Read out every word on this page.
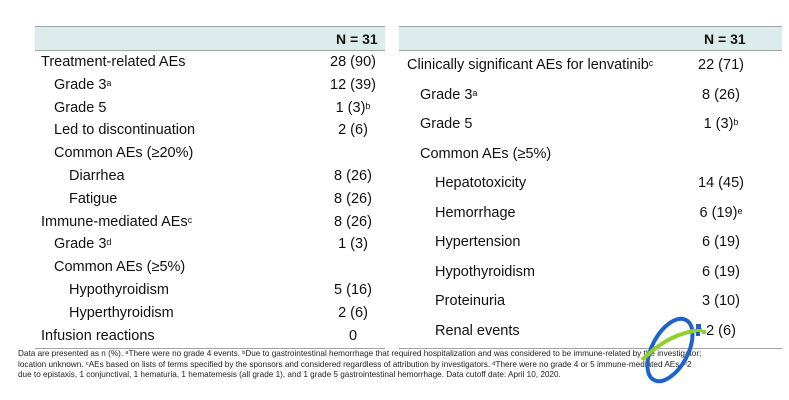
N = 31
Treatment-related AEs	28 (90)
Grade 3$^a$	12 (39)
Grade 5	1 $(3)^b$
Led to discontinuation	2 (6)
Common AEs (≥20%)
Diarrhea	8 (26)
Fatigue	8 (26)
Immune-mediated AEs$^c$	8 (26)
Grade 3$^d$	1 (3)
Common AEs (≥5%)
Hypothyroidism	5 (16)
Hyperthyroidism	2 (6)
Infusion reactions	0
N = 31
Clinically significant AEs for lenvatinib$^c$	22 (71)
Grade 3$^a$	8 (26)
Grade 5	1 $(3)^b$
Common AEs (≥5%)
Hepatotoxicity	14 (45)
Hemorrhage	6 $(19)^e$
Hypertension	6 (19)
Hypothyroidism	6 (19)
Proteinuria	3 (10)
Renal events	2 (6)
Data are presented as n (%). ᵃThere were no grade 4 events. ᵇDue to gastrointestinal hemorrhage that required hospitalization and was considered to be immune-related by the investigator;
location unknown. ᶜAEs based on lists of terms specified by the sponsors and considered regardless of attribution by investigators. ᵈThere were no grade 4 or 5 immune-mediated AEs. ᵉ2
due to epistaxis, 1 conjunctival, 1 hematuria, 1 hematemesis (all grade 1), and 1 grade 5 gastrointestinal hemorrhage. Data cutoff date: April 10, 2020.
